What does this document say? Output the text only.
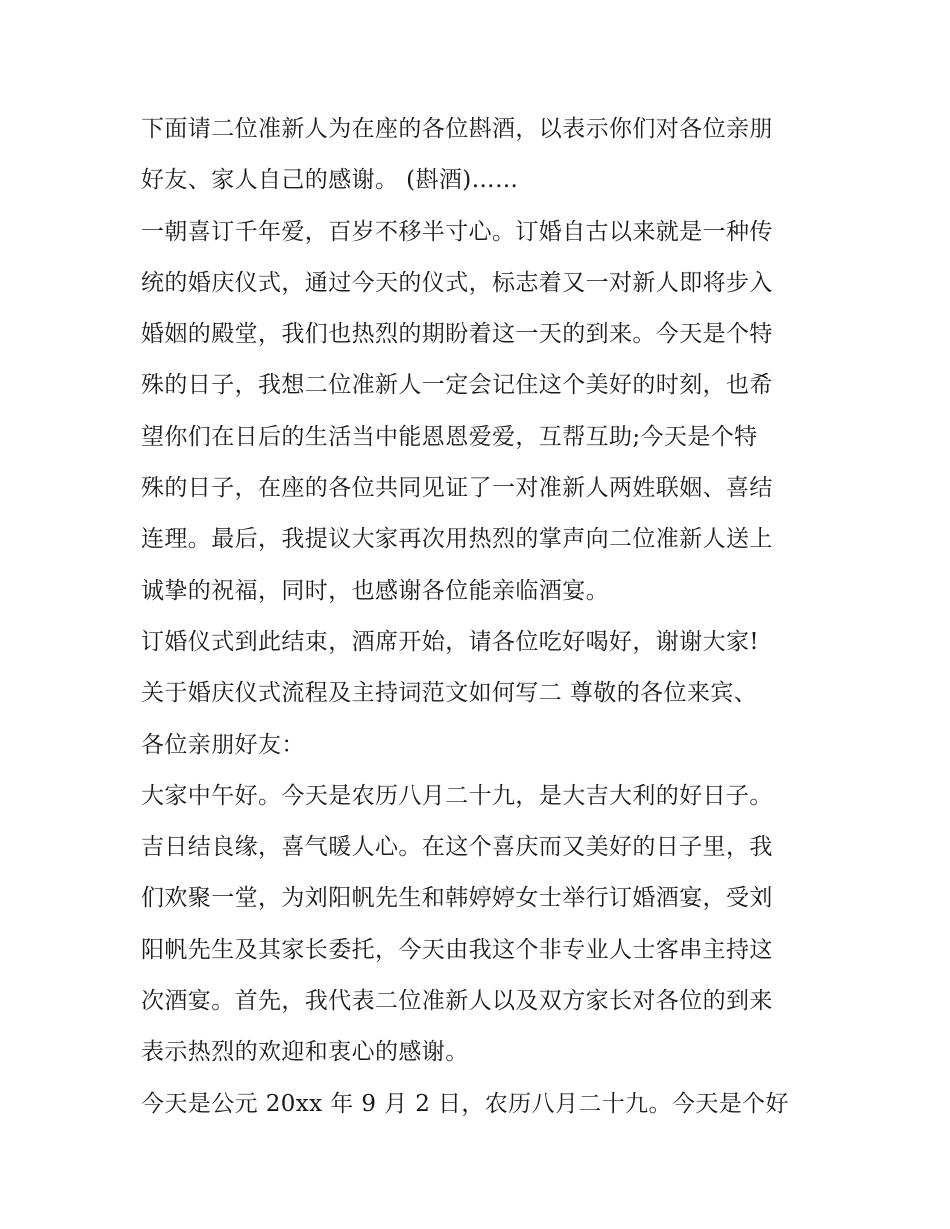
下面请二位准新人为在座的各位斟酒，以表示你们对各位亲朋
好友、家人自己的感谢。 (斟酒)……
一朝喜订千年爱，百岁不移半寸心。订婚自古以来就是一种传
统的婚庆仪式，通过今天的仪式，标志着又一对新人即将步入
婚姻的殿堂，我们也热烈的期盼着这一天的到来。今天是个特
殊的日子，我想二位准新人一定会记住这个美好的时刻，也希
望你们在日后的生活当中能恩恩爱爱，互帮互助;今天是个特
殊的日子，在座的各位共同见证了一对准新人两姓联姻、喜结
连理。最后，我提议大家再次用热烈的掌声向二位准新人送上
诚挚的祝福，同时，也感谢各位能亲临酒宴。
订婚仪式到此结束，酒席开始，请各位吃好喝好，谢谢大家!
关于婚庆仪式流程及主持词范文如何写二 尊敬的各位来宾、
各位亲朋好友：
大家中午好。今天是农历八月二十九，是大吉大利的好日子。
吉日结良缘，喜气暖人心。在这个喜庆而又美好的日子里，我
们欢聚一堂，为刘阳帆先生和韩婷婷女士举行订婚酒宴，受刘
阳帆先生及其家长委托，今天由我这个非专业人士客串主持这
次酒宴。首先，我代表二位准新人以及双方家长对各位的到来
表示热烈的欢迎和衷心的感谢。
今天是公元 20xx 年 9 月 2 日，农历八月二十九。今天是个好
